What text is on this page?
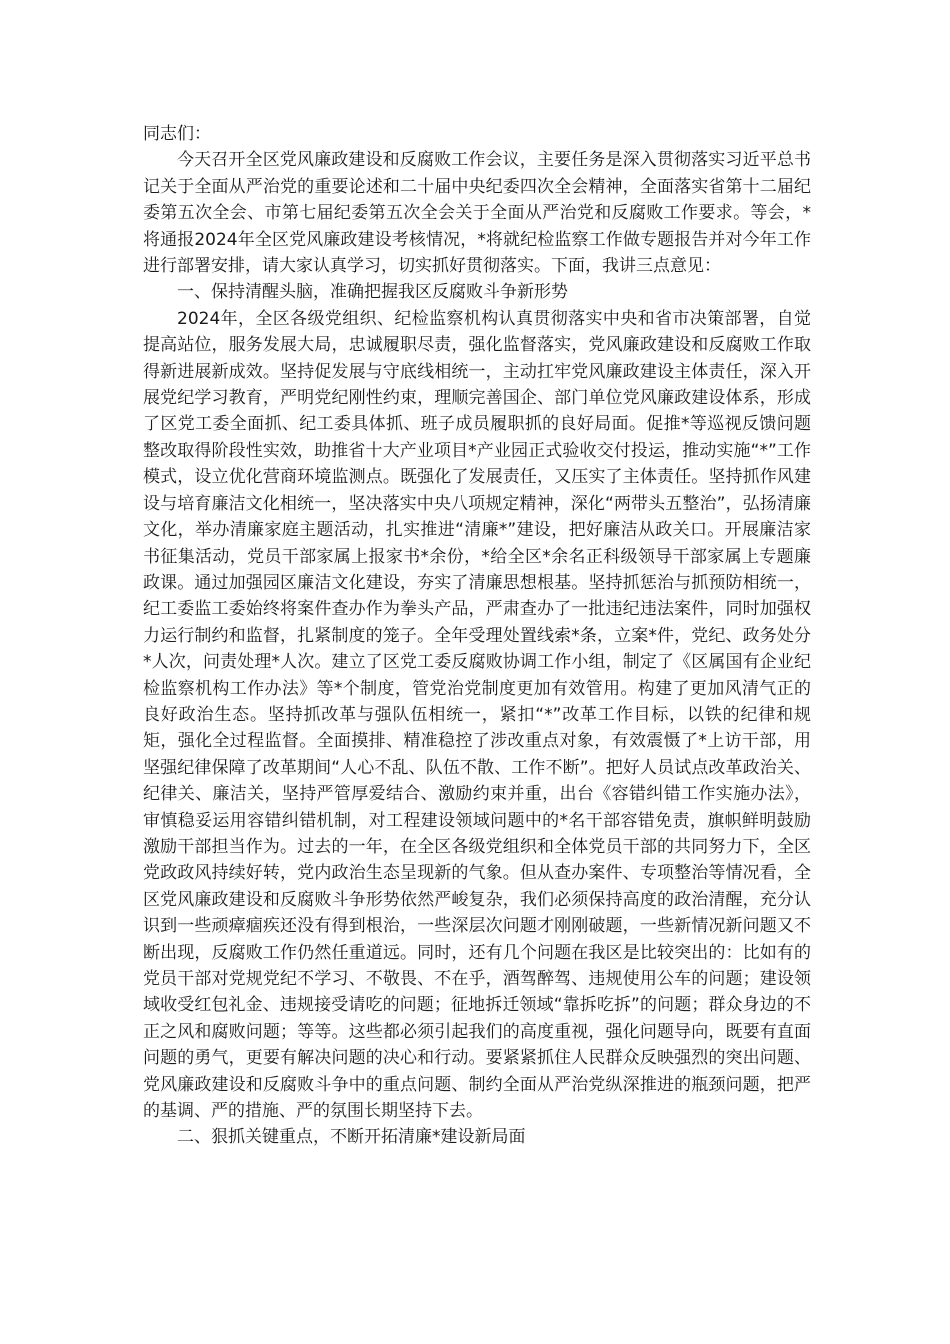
同志们：

今天召开全区党风廉政建设和反腐败工作会议，主要任务是深入贯彻落实习近平总书记关于全面从严治党的重要论述和二十届中央纪委四次全会精神，全面落实省第十二届纪委第五次全会、市第七届纪委第五次全会关于全面从严治党和反腐败工作要求。等会，*将通报2024年全区党风廉政建设考核情况，*将就纪检监察工作做专题报告并对今年工作进行部署安排，请大家认真学习，切实抓好贯彻落实。下面，我讲三点意见：

一、保持清醒头脑，准确把握我区反腐败斗争新形势

2024年，全区各级党组织、纪检监察机构认真贯彻落实中央和省市决策部署，自觉提高站位，服务发展大局，忠诚履职尽责，强化监督落实，党风廉政建设和反腐败工作取得新进展新成效。坚持促发展与守底线相统一，主动扛牢党风廉政建设主体责任，深入开展党纪学习教育，严明党纪刚性约束，理顺完善国企、部门单位党风廉政建设体系，形成了区党工委全面抓、纪工委具体抓、班子成员履职抓的良好局面。促推*等巡视反馈问题整改取得阶段性实效，助推省十大产业项目*产业园正式验收交付投运，推动实施“*”工作模式，设立优化营商环境监测点。既强化了发展责任，又压实了主体责任。坚持抓作风建设与培育廉洁文化相统一，坚决落实中央八项规定精神，深化“两带头五整治”，弘扬清廉文化，举办清廉家庭主题活动，扎实推进“清廉*”建设，把好廉洁从政关口。开展廉洁家书征集活动，党员干部家属上报家书*余份，*给全区*余名正科级领导干部家属上专题廉政课。通过加强园区廉洁文化建设，夯实了清廉思想根基。坚持抓惩治与抓预防相统一，纪工委监工委始终将案件查办作为拳头产品，严肃查办了一批违纪违法案件，同时加强权力运行制约和监督，扎紧制度的笼子。全年受理处置线索*条，立案*件，党纪、政务处分*人次，问责处理*人次。建立了区党工委反腐败协调工作小组，制定了《区属国有企业纪检监察机构工作办法》等*个制度，管党治党制度更加有效管用。构建了更加风清气正的良好政治生态。坚持抓改革与强队伍相统一，紧扣“*”改革工作目标，以铁的纪律和规矩，强化全过程监督。全面摸排、精准稳控了涉改重点对象，有效震慑了*上访干部，用坚强纪律保障了改革期间“人心不乱、队伍不散、工作不断”。把好人员试点改革政治关、纪律关、廉洁关，坚持严管厚爱结合、激励约束并重，出台《容错纠错工作实施办法》，审慎稳妥运用容错纠错机制，对工程建设领域问题中的*名干部容错免责，旗帜鲜明鼓励激励干部担当作为。过去的一年，在全区各级党组织和全体党员干部的共同努力下，全区党政政风持续好转，党内政治生态呈现新的气象。但从查办案件、专项整治等情况看，全区党风廉政建设和反腐败斗争形势依然严峻复杂，我们必须保持高度的政治清醒，充分认识到一些顽瘴痼疾还没有得到根治，一些深层次问题才刚刚破题，一些新情况新问题又不断出现，反腐败工作仍然任重道远。同时，还有几个问题在我区是比较突出的：比如有的党员干部对党规党纪不学习、不敬畏、不在乎，酒驾醉驾、违规使用公车的问题；建设领域收受红包礼金、违规接受请吃的问题；征地拆迁领域“靠拆吃拆”的问题；群众身边的不正之风和腐败问题；等等。这些都必须引起我们的高度重视，强化问题导向，既要有直面问题的勇气，更要有解决问题的决心和行动。要紧紧抓住人民群众反映强烈的突出问题、党风廉政建设和反腐败斗争中的重点问题、制约全面从严治党纵深推进的瓶颈问题，把严的基调、严的措施、严的氛围长期坚持下去。

二、狠抓关键重点，不断开拓清廉*建设新局面
